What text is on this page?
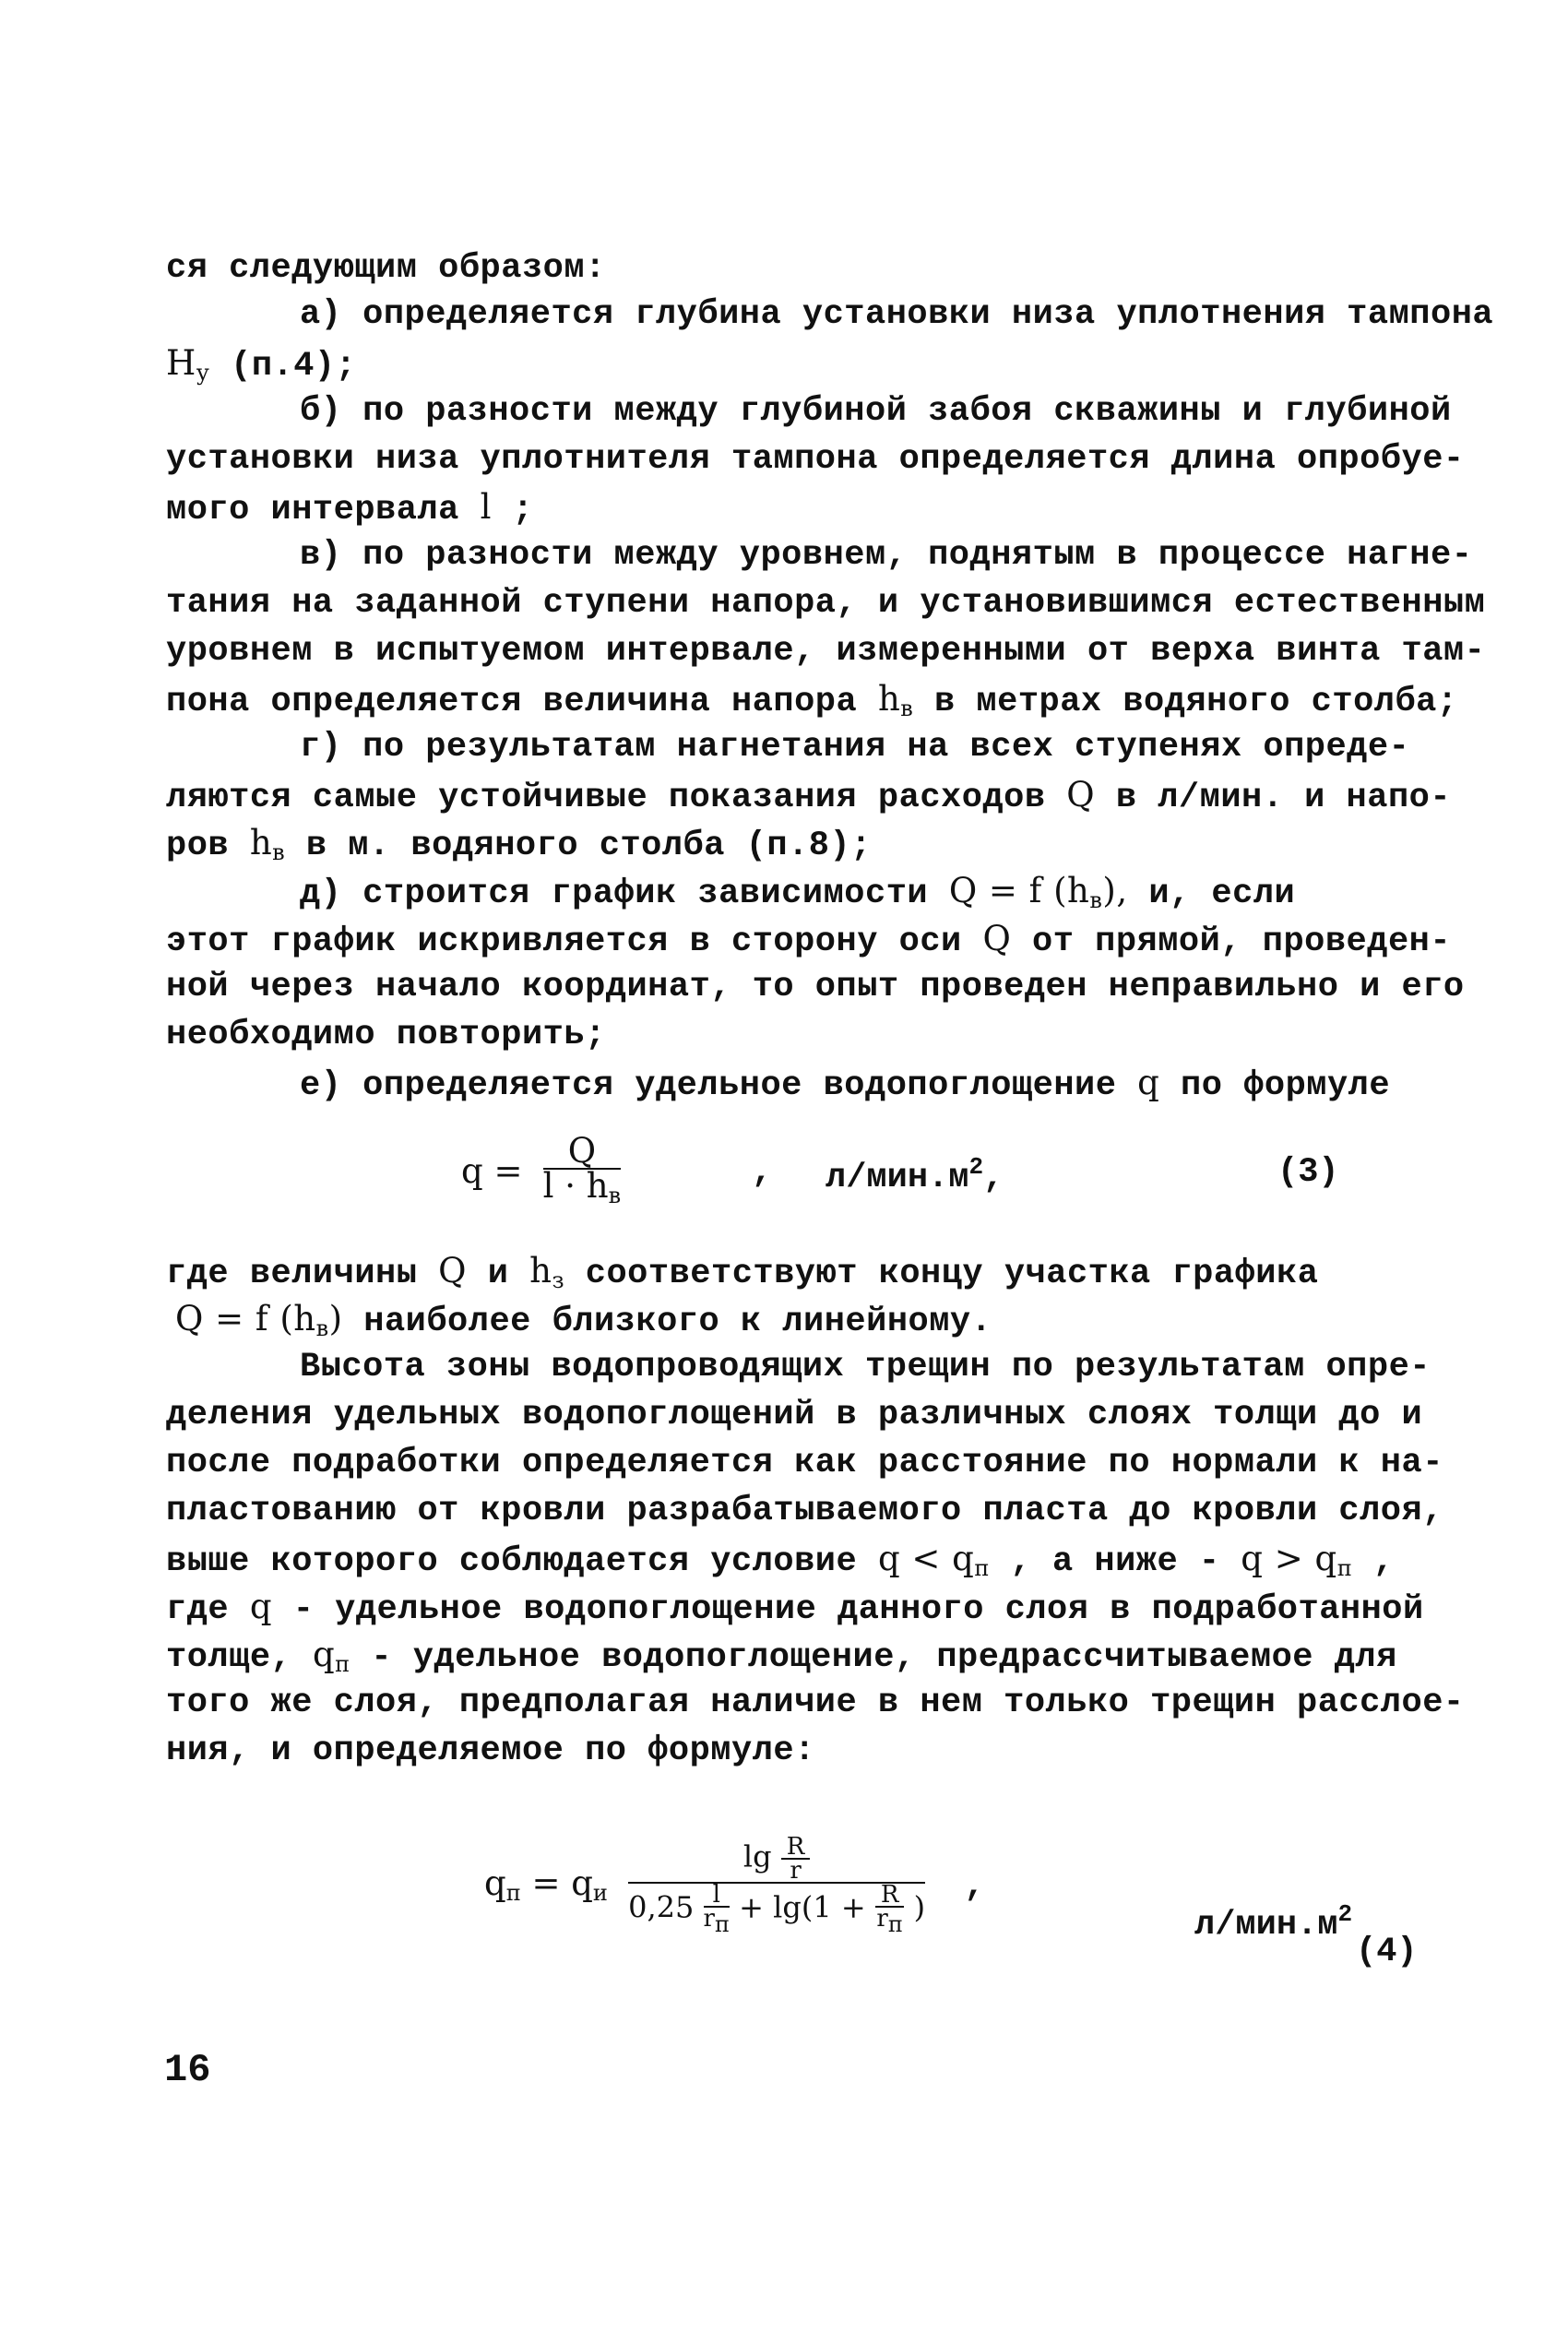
ся следующим образом:
а) определяется глубина установки низа уплотнения тампона
$H_у$ (п.4);
б) по разности между глубиной забоя скважины и глубиной
установки низа уплотнителя тампона определяется длина опробуе-
мого интервала l ;
в) по разности между уровнем, поднятым в процессе нагне-
тания на заданной ступени напора, и установившимся естественным
уровнем в испытуемом интервале, измеренными от верха винта там-
пона определяется величина напора $h_в$ в метрах водяного столба;
г) по результатам нагнетания на всех ступенях опреде-
ляются самые устойчивые показания расходов Q в л/мин. и напо-
ров $h_в$ в м. водяного столба (п.8);
д) строится график зависимости Q = f $(h_в)$, и, если
этот график искривляется в сторону оси Q от прямой, проведен-
ной через начало координат, то опыт проведен неправильно и его
необходимо повторить;
е) определяется удельное водопоглощение q по формуле
$q = \frac{Q}{l \cdot h_в}$	, $л/мин.м^2$,	(3)
где величины Q и $h_з$ соответствуют концу участка графика
Q = f $(h_в)$ наиболее близкого к линейному.
Высота зоны водопроводящих трещин по результатам опре-
деления удельных водопоглощений в различных слоях толщи до и
после подработки определяется как расстояние по нормали к на-
пластованию от кровли разрабатываемого пласта до кровли слоя,
выше которого соблюдается условие $q < q_п$ , а ниже - $q > q_п$ ,
где q - удельное водопоглощение данного слоя в подработанной
толще, $q_п$ - удельное водопоглощение, предрассчитываемое для
того же слоя, предполагая наличие в нем только трещин расслое-
ния, и определяемое по формуле:
$q_п = q_и \frac{\lg \frac{R}{r}}{0,25 \frac{l}{r_п} + \lg(1 + \frac{R}{r_п} )}$ ,
$л/мин.м^2$
(4)
16
